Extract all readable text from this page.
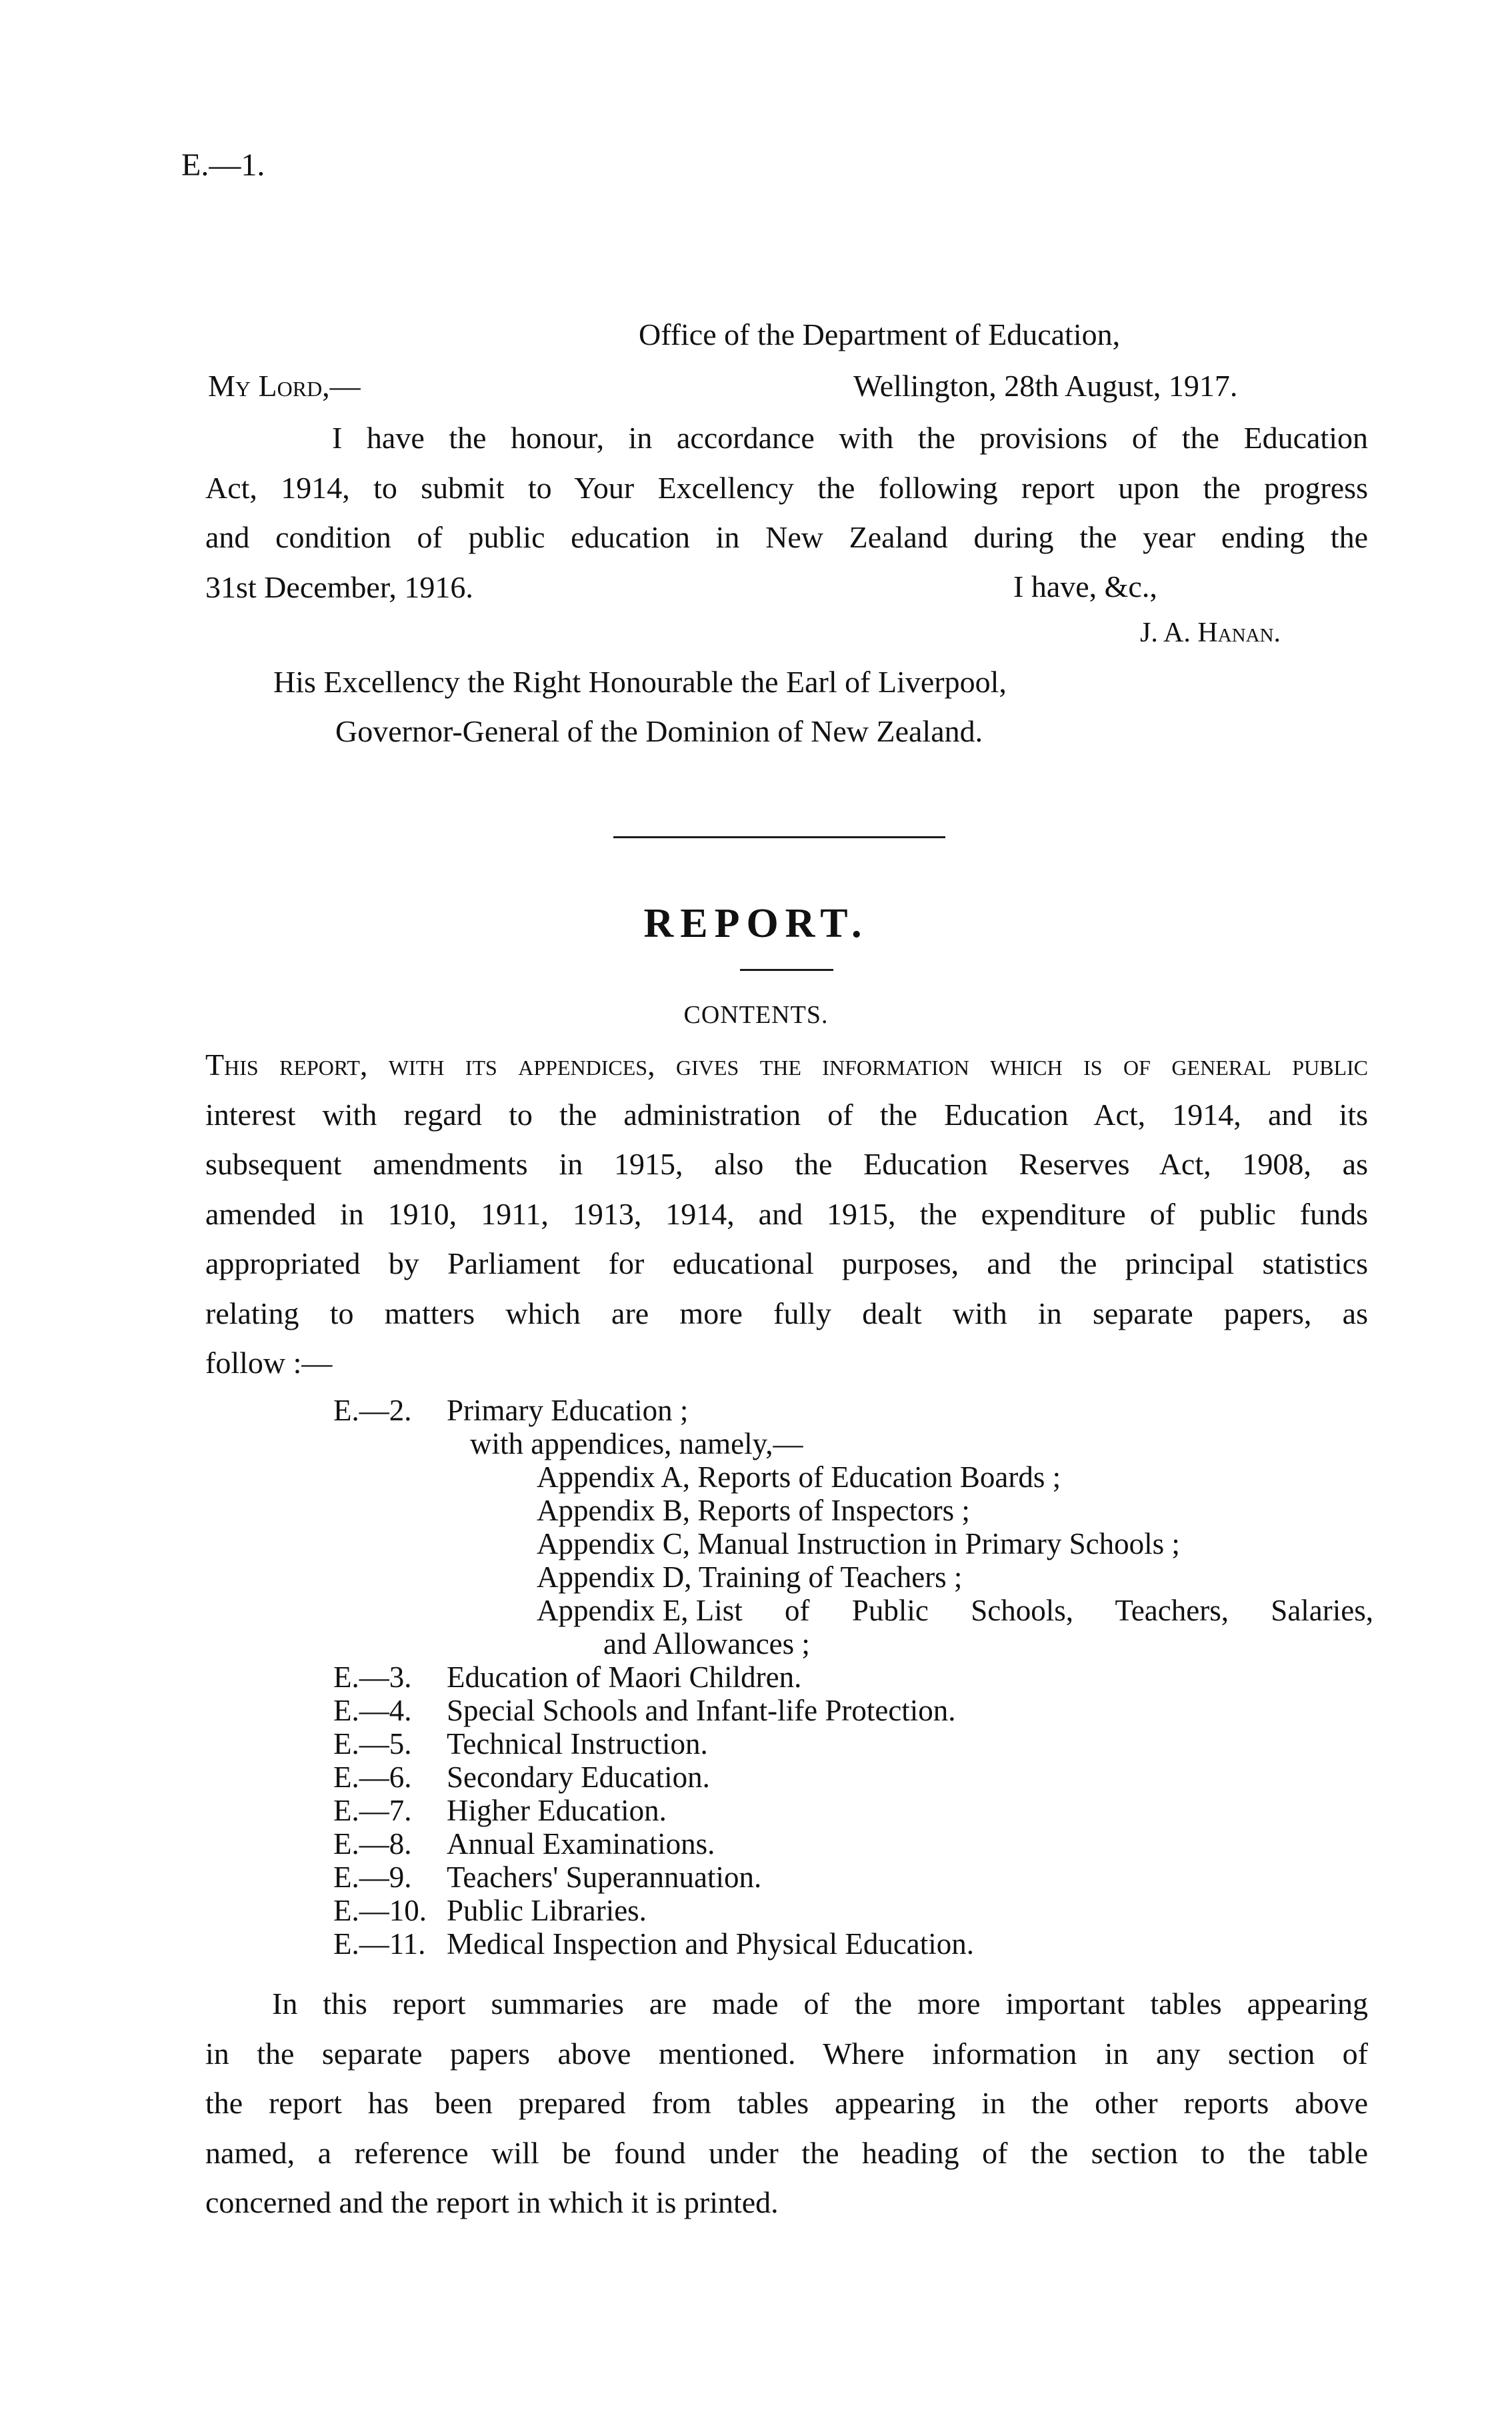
E.—1.
Office of the Department of Education,
My Lord,—	Wellington, 28th August, 1917.
I have the honour, in accordance with the provisions of the Education
Act, 1914, to submit to Your Excellency the following report upon the progress
and condition of public education in New Zealand during the year ending the
31st December, 1916.	I have, &c.,
J. A. Hanan.
His Excellency the Right Honourable the Earl of Liverpool,
Governor-General of the Dominion of New Zealand.
REPORT.
CONTENTS.
This report, with its appendices, gives the information which is of general public
interest with regard to the administration of the Education Act, 1914, and its
subsequent amendments in 1915, also the Education Reserves Act, 1908, as
amended in 1910, 1911, 1913, 1914, and 1915, the expenditure of public funds
appropriated by Parliament for educational purposes, and the principal statistics
relating to matters which are more fully dealt with in separate papers, as
follow :—
E.—2.	Primary Education ;
with appendices, namely,—
Appendix A, Reports of Education Boards ;
Appendix B, Reports of Inspectors ;
Appendix C, Manual Instruction in Primary Schools ;
Appendix D, Training of Teachers ;
Appendix E,
List of Public Schools, Teachers, Salaries,
and Allowances ;
E.—3.	Education of Maori Children.
E.—4.	Special Schools and Infant-life Protection.
E.—5.	Technical Instruction.
E.—6.	Secondary Education.
E.—7.	Higher Education.
E.—8.	Annual Examinations.
E.—9.	Teachers' Superannuation.
E.—10. Public Libraries.
E.—11. Medical Inspection and Physical Education.
In this report summaries are made of the more important tables appearing
in the separate papers above mentioned. Where information in any section of
the report has been prepared from tables appearing in the other reports above
named, a reference will be found under the heading of the section to the table
concerned and the report in which it is printed.
